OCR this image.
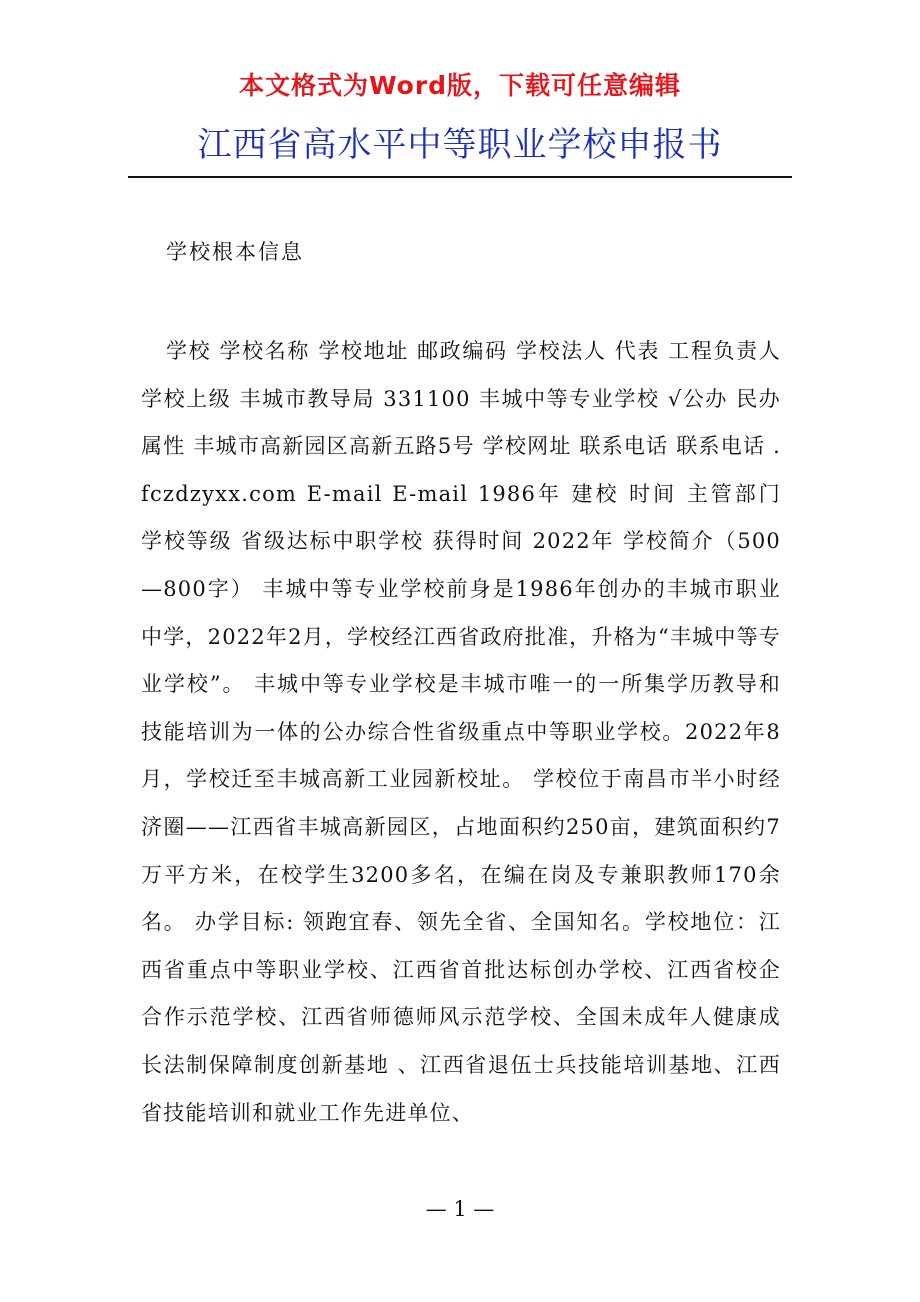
本文格式为Word版，下载可任意编辑
江西省高水平中等职业学校申报书
学校根本信息
学校 学校名称 学校地址 邮政编码 学校法人 代表 工程负责人 学校上级 丰城市教导局 331100 丰城中等专业学校 √公办 民办 属性 丰城市高新园区高新五路5号 学校网址 联系电话 联系电话 .fczdzyxx.com E-mail E-mail 1986年 建校 时间 主管部门 学校等级 省级达标中职学校 获得时间 2022年 学校简介（500—800字） 丰城中等专业学校前身是1986年创办的丰城市职业中学，2022年2月，学校经江西省政府批准，升格为“丰城中等专业学校”。 丰城中等专业学校是丰城市唯一的一所集学历教导和技能培训为一体的公办综合性省级重点中等职业学校。2022年8月，学校迁至丰城高新工业园新校址。 学校位于南昌市半小时经济圈——江西省丰城高新园区，占地面积约250亩，建筑面积约7万平方米，在校学生3200多名，在编在岗及专兼职教师170余名。 办学目标: 领跑宜春、领先全省、全国知名。学校地位：江西省重点中等职业学校、江西省首批达标创办学校、江西省校企合作示范学校、江西省师德师风示范学校、全国未成年人健康成长法制保障制度创新基地 、江西省退伍士兵技能培训基地、江西省技能培训和就业工作先进单位、
— 1 —
